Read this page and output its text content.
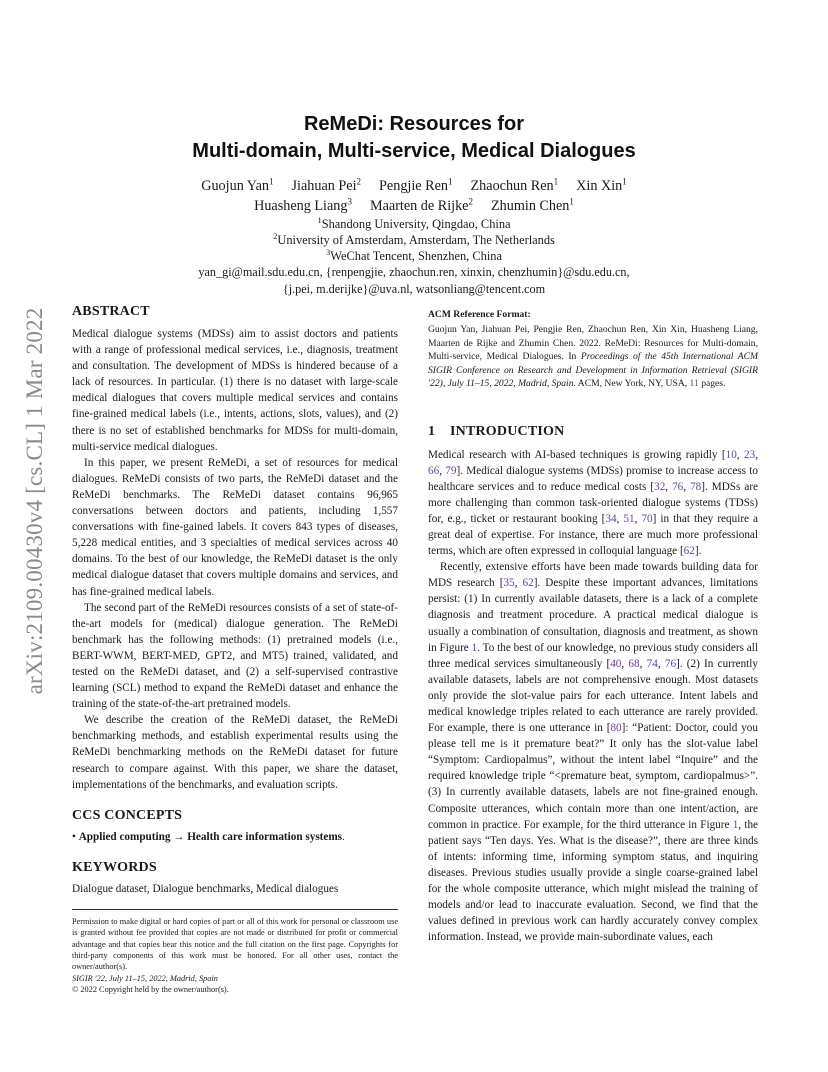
arXiv:2109.00430v4 [cs.CL] 1 Mar 2022
ReMeDi: Resources for
Multi-domain, Multi-service, Medical Dialogues
Guojun Yan$^1$ Jiahuan Pei$^2$ Pengjie Ren$^1$ Zhaochun Ren$^1$ Xin Xin$^1$
Huasheng Liang$^3$ Maarten de Rijke$^2$ Zhumin Chen$^1$
$^1$Shandong University, Qingdao, China
$^2$University of Amsterdam, Amsterdam, The Netherlands
$^3$WeChat Tencent, Shenzhen, China
yan_gi@mail.sdu.edu.cn, {renpengjie, zhaochun.ren, xinxin, chenzhumin}@sdu.edu.cn,
{j.pei, m.derijke}@uva.nl, watsonliang@tencent.com
ABSTRACT

Medical dialogue systems (MDSs) aim to assist doctors and patients with a range of professional medical services, i.e., diagnosis, treatment and consultation. The development of MDSs is hindered because of a lack of resources. In particular. (1) there is no dataset with large-scale medical dialogues that covers multiple medical services and contains fine-grained medical labels (i.e., intents, actions, slots, values), and (2) there is no set of established benchmarks for MDSs for multi-domain, multi-service medical dialogues.

In this paper, we present ReMeDi, a set of resources for medical dialogues. ReMeDi consists of two parts, the ReMeDi dataset and the ReMeDi benchmarks. The ReMeDi dataset contains 96,965 conversations between doctors and patients, including 1,557 conversations with fine-gained labels. It covers 843 types of diseases, 5,228 medical entities, and 3 specialties of medical services across 40 domains. To the best of our knowledge, the ReMeDi dataset is the only medical dialogue dataset that covers multiple domains and services, and has fine-grained medical labels.

The second part of the ReMeDi resources consists of a set of state-of-the-art models for (medical) dialogue generation. The ReMeDi benchmark has the following methods: (1) pretrained models (i.e., BERT-WWM, BERT-MED, GPT2, and MT5) trained, validated, and tested on the ReMeDi dataset, and (2) a self-supervised contrastive learning (SCL) method to expand the ReMeDi dataset and enhance the training of the state-of-the-art pretrained models.

We describe the creation of the ReMeDi dataset, the ReMeDi benchmarking methods, and establish experimental results using the ReMeDi benchmarking methods on the ReMeDi dataset for future research to compare against. With this paper, we share the dataset, implementations of the benchmarks, and evaluation scripts.

CCS CONCEPTS

• Applied computing → Health care information systems.

KEYWORDS

Dialogue dataset, Dialogue benchmarks, Medical dialogues

Permission to make digital or hard copies of part or all of this work for personal or classroom use is granted without fee provided that copies are not made or distributed for profit or commercial advantage and that copies bear this notice and the full citation on the first page. Copyrights for third-party components of this work must be honored. For all other uses, contact the owner/author(s).

SIGIR '22, July 11–15, 2022, Madrid, Spain

© 2022 Copyright held by the owner/author(s).

ACM Reference Format:

Guojun Yan, Jiahuan Pei, Pengjie Ren, Zhaochun Ren, Xin Xin, Huasheng Liang, Maarten de Rijke and Zhumin Chen. 2022. ReMeDi: Resources for Multi-domain, Multi-service, Medical Dialogues. In Proceedings of the 45th International ACM SIGIR Conference on Research and Development in Information Retrieval (SIGIR '22), July 11–15, 2022, Madrid, Spain. ACM, New York, NY, USA, 11 pages.

1 INTRODUCTION

Medical research with AI-based techniques is growing rapidly [10, 23, 66, 79]. Medical dialogue systems (MDSs) promise to increase access to healthcare services and to reduce medical costs [32, 76, 78]. MDSs are more challenging than common task-oriented dialogue systems (TDSs) for, e.g., ticket or restaurant booking [34, 51, 70] in that they require a great deal of expertise. For instance, there are much more professional terms, which are often expressed in colloquial language [62].

Recently, extensive efforts have been made towards building data for MDS research [35, 62]. Despite these important advances, limitations persist: (1) In currently available datasets, there is a lack of a complete diagnosis and treatment procedure. A practical medical dialogue is usually a combination of consultation, diagnosis and treatment, as shown in Figure 1. To the best of our knowledge, no previous study considers all three medical services simultaneously [40, 68, 74, 76]. (2) In currently available datasets, labels are not comprehensive enough. Most datasets only provide the slot-value pairs for each utterance. Intent labels and medical knowledge triples related to each utterance are rarely provided. For example, there is one utterance in [80]: “Patient: Doctor, could you please tell me is it premature beat?” It only has the slot-value label “Symptom: Cardiopalmus”, without the intent label “Inquire” and the required knowledge triple “<premature beat, symptom, cardiopalmus>”. (3) In currently available datasets, labels are not fine-grained enough. Composite utterances, which contain more than one intent/action, are common in practice. For example, for the third utterance in Figure 1, the patient says “Ten days. Yes. What is the disease?”, there are three kinds of intents: informing time, informing symptom status, and inquiring diseases. Previous studies usually provide a single coarse-grained label for the whole composite utterance, which might mislead the training of models and/or lead to inaccurate evaluation. Second, we find that the values defined in previous work can hardly accurately convey complex information. Instead, we provide main-subordinate values, each
